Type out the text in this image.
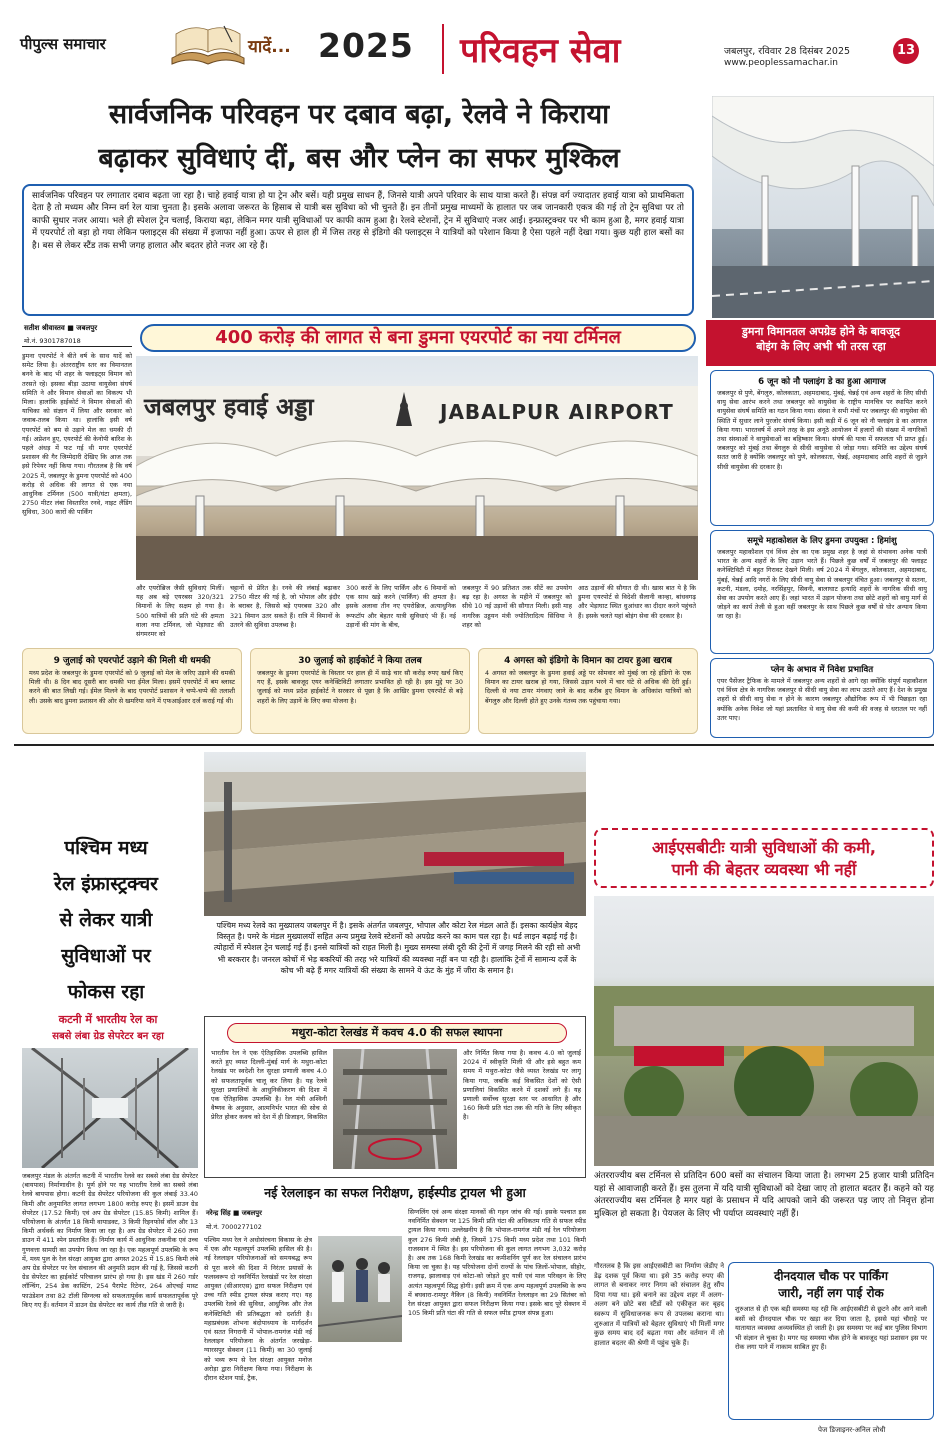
पीपुल्स समाचार	यादें... 2025 परिवहन सेवा	जबलपुर, रविवार 28 दिसंबर 2025
www.peoplessamachar.in
13
सार्वजनिक परिवहन पर दबाव बढ़ा, रेलवे ने किराया
बढ़ाकर सुविधाएं दीं, बस और प्लेन का सफर मुश्किल
सार्वजनिक परिवहन पर लगातार दबाव बढ़ता जा रहा है। चाहे हवाई यात्रा हो या ट्रेन और बसें। यही प्रमुख साधन हैं, जिनसे यात्री अपने परिवार के साथ यात्रा करते हैं। संपन्न वर्ग ज्यादातर हवाई यात्रा को प्राथमिकता देता है तो मध्यम और निम्न वर्ग रेल यात्रा चुनता है। इसके अलावा जरूरत के हिसाब से यात्री बस सुविधा को भी चुनते हैं। इन तीनों प्रमुख माध्यमों के हालात पर जब जानकारी एकत्र की गई तो ट्रेन सुविधा पर तो काफी सुधार नजर आया। भले ही स्पेशल ट्रेन चलाईं, किराया बढ़ा, लेकिन मगर यात्री सुविधाओं पर काफी काम हुआ है। रेलवे स्टेशनों, ट्रेन में सुविधाएं नजर आईं। इन्फ्रास्ट्रक्चर पर भी काम हुआ है, मगर हवाई यात्रा में एयरपोर्ट तो बड़ा हो गया लेकिन फ्लाइट्स की संख्या में इजाफा नहीं हुआ। ऊपर से हाल ही में जिस तरह से इंडिगो की फ्लाइट्स ने यात्रियों को परेशान किया है ऐसा पहले नहीं देखा गया। कुछ यही हाल बसों का है। बस से लेकर स्टैंड तक सभी जगह हालात और बदतर होते नजर आ रहे हैं।
सतीश श्रीवास्तव ■ जबलपुर
मो.नं. 9301787018
डुमना एयरपोर्ट ने बीते वर्ष के साथ यादें को समेट लिया है। अंतरराष्ट्रीय स्तर का विमानतल बनने के बाद भी शहर के फ्लाइट्स विमान को तरसते रहे। इसका बीड़ा उठाया वायुसेवा संघर्ष समिति ने और विमान सेवाओं का विकल्प भी मिला। हालांकि हाईकोर्ट ने विमान सेवाओं की याचिका को संज्ञान में लिया और सरकार को जवाब-तलब किया था। हालांकि इसी वर्ष एयरपोर्ट को बम से उड़ाने मेल का धमकी दी गई। अप्रेशन हुए, एयरपोर्ट की केनोपी बारिश के पहले अंधड़ में फट गई थी मगर एयरपोर्ट प्रशासन की गैर जिम्मेदारी देखिए कि आज तक इसे रिपेयर नहीं किया गया। गौरतलब है कि वर्ष 2025 में, जबलपुर के डुमना एयरपोर्ट को 400 करोड़ से अधिक की लागत से एक नया आधुनिक टर्मिनल (500 यात्री/घंटा क्षमता), 2750 मीटर लंबा विस्तारित रनवे, नाइट लैंडिंग सुविधा, 300 कारों की पार्किंग
400 करोड़ की लागत से बना डुमना एयरपोर्ट का नया टर्मिनल
जबलपुर हवाई अड्डा	JABALPUR AIRPORT
और एयरोब्रिज जैसी सुविधाएं मिलीं। यह अब बड़े एयरबस 320/321 विमानों के लिए सक्षम हो गया है। 500 यात्रियों की प्रति घंटे की क्षमता वाला नया टर्मिनल, जो भेड़ाघाट की संगमरमर को
चट्टानों से प्रेरित है। रनवे की लंबाई बढ़ाकर 2750 मीटर की गई है, जो भोपाल और इंदौर के बराबर है, जिससे बड़े एयरबस 320 और 321 विमान उतर सकते हैं। रात्रि में विमानों के उतरने की सुविधा उपलब्ध है।
300 कारों के लिए पार्किंग और 6 विमानों को एक साथ खड़े करने (पार्किंग) की क्षमता है। इसके अलावा तीन नए एयरोब्रिज, अत्याधुनिक रूफटॉप और बेहतर यात्री सुविधाएं भी हैं। नई उड़ानों की मांग के बीच,
जबलपुर में 90 प्रतिशत तक सीटें का उपयोग बढ़ रहा है। अगस्त के महीने में जबलपुर को सीधे 10 नई उड़ानों की सौगात मिली। इसी माह नागरिक उड्डयन मंत्री ज्योतिरादित्य सिंधिया ने शहर को
आठ उड़ानों की सौगात दी थी। खास बात ये है कि डुमना एयरपोर्ट से विदेशी सैलानी कान्हा, बांधवगढ़ और भेड़ाघाट स्थित धुआंधार का दीदार करने पहुंचते हैं। इसके चलते यहां बोइंग सेवा की दरकार है।
9 जुलाई को एयरपोर्ट उड़ाने की मिली थी धमकी
मध्य प्रदेश के जबलपुर के डुमना एयरपोर्ट को 9 जुलाई को मेल के जरिए उड़ाने की धमकी मिली थी। 8 दिन बाद दूसरी बार धमकी भरा ईमेल मिला। इसमें एयरपोर्ट में बम ब्लास्ट करने की बात लिखी गई। ईमेल मिलने के बाद एयरपोर्ट प्रशासन ने चप्पे-चप्पे की तलाशी ली। उसके बाद डुमना प्रशासन की ओर से खमरिया थाने में एफआईआर दर्ज कराई गई थी।
30 जुलाई को हाईकोर्ट ने किया तलब
जबलपुर के डुमना एयरपोर्ट के विस्तार पर हाल ही में साढ़े चार सौ करोड़ रुपए खर्च किए गए हैं, इसके बावजूद एयर कनेक्टिविटी लगातार प्रभावित हो रही है। इस मुद्दे पर 30 जुलाई को मध्य प्रदेश हाईकोर्ट ने सरकार से पूछा है कि आखिर डुमना एयरपोर्ट से बड़े शहरों के लिए उड़ानें के लिए क्या योजना है।
4 अगस्त को इंडिगो के विमान का टायर हुआ खराब
4 अगस्त को जबलपुर के डुमना हवाई अड्डे पर सोमवार को मुंबई जा रहे इंडिगो के एक विमान का टायर खराब हो गया, जिससे उड़ान भरने में चार घंटे से अधिक की देरी हुई। दिल्ली से नया टायर मंगवाए जाने के बाद करीब हुए विमान के अधिकांश यात्रियों को बेंगलुरु और दिल्ली होते हुए उनके गंतव्य तक पहुंचाया गया।
डुमना विमानतल अपग्रेड होने के बावजूद
बोइंग के लिए अभी भी तरस रहा
6 जून को नौ फ्लाइंग डे का हुआ आगाज
जबलपुर से पुणे, बेंगलुरु, कोलकाता, अहमदाबाद, मुंबई, चेन्नई एवं अन्य शहरों के लिए सीधी वायु सेवा आरंभ करने तथा जबलपुर को वायुसेवा के राष्ट्रीय मानचित्र पर स्थापित करने वायुसेवा संघर्ष समिति का गठन किया गया। संस्था ने सभी मंचों पर जबलपुर की वायुसेवा की स्थिति में सुधार लाने पुरजोर संघर्ष किया। इसी कड़ी में 6 जून को नौ फ्लाइंग डे का आगाज किया गया। भारतवर्ष में अपने तरह के इस अनूठे आयोजन में हजारों की संख्या में नागरिकों तथा संस्थाओं ने वायुसेवाओं का बहिष्कार किया। संघर्ष की यात्रा में सफलता भी प्राप्त हुई। जबलपुर को मुंबई तथा बेंगलुरु से सीधी वायुसेवा से जोड़ा गया। समिति का उद्देश्य संघर्ष सतत जारी है क्योंकि जबलपुर को पुणे, कोलकाता, चेन्नई, अहमदाबाद आदि शहरों से जुड़ने सीधी वायुसेवा की दरकार है।
समूचे महाकोशल के लिए डुमना उपयुक्त : हिमांशु
जबलपुर महाकौशल एवं विंध्य क्षेत्र का एक प्रमुख शहर है जहां से संभावना अनेक यात्री भारत के अन्य शहरों के लिए उड़ान भरते हैं। पिछले कुछ वर्षों में जबलपुर की फ्लाइट कनेक्टिविटी में बहुत गिरावट देखने मिली। वर्ष 2024 में बेंगलुरु, कोलकाता, अहमदाबाद, मुंबई, चेन्नई आदि नगरों के लिए सीधी वायु सेवा से जबलपुर वंचित हुआ। जबलपुर से सतना, कटनी, मंडला, दमोह, नरसिंहपुर, सिवनी, बालाघाट इत्यादि शहरों के नागरिक सीधी वायु सेवा का उपयोग करते आए हैं। जहां भारत में उड़ान योजना तथा छोटे शहरों को वायु मार्ग से जोड़ने का कार्य तेजी से हुआ वहीं जबलपुर के साथ पिछले कुछ वर्षों से घोर अन्याय किया जा रहा है।
प्लेन के अभाव में निवेश प्रभावित
एयर पैसेंजर ट्रैफिक के मामले में जबलपुर अन्य शहरों से आगे रहा क्योंकि संपूर्ण महाकौशल एवं विंध्य क्षेत्र के नागरिक जबलपुर से सीधी वायु सेवा का लाभ उठाते आए हैं। देश के प्रमुख शहरों से सीधी वायु सेवा न होने के कारण जबलपुर औद्योगिक रूप में भी पिछड़ता रहा क्योंकि अनेक निवेश जो यहां प्रस्तावित थे वायु सेवा की कमी की वजह से धरातल पर नहीं उतर पाए।
पश्चिम मध्य
रेल इंफ्रास्ट्रक्चर
से लेकर यात्री
सुविधाओं पर
फोकस रहा
कटनी में भारतीय रेल का
सबसे लंबा ग्रेड सेपरेटर बन रहा
जबलपुर मंडल के अंतर्गत कटनी में भारतीय रेलवे का सबसे लंबा ग्रेड सेपरेटर (बायपास) निर्माणाधीन है। पूर्ण होने पर यह भारतीय रेलवे का सबसे लंबा रेलवे बायपास होगा। कटनी ग्रेड सेपरेटर परियोजना की कुल लंबाई 33.40 किमी और अनुमानित लागत लगभग 1800 करोड़ रुपए है। इसमें डाउन ग्रेड सेपरेटर (17.52 किमी) एवं अप ग्रेड सेपरेटर (15.85 किमी) शामिल हैं। परियोजना के अंतर्गत 18 किमी वायाडक्ट, 3 किमी रिइनफोर्स वॉल और 13 किमी अर्थवर्क का निर्माण किया जा रहा है। अप ग्रेड सेपरेटर में 260 तथा डाउन में 411 स्पेन प्रस्तावित हैं। निर्माण कार्य में आधुनिक तकनीक एवं उच्च गुणवत्ता सामग्री का उपयोग किया जा रहा है। एक महत्वपूर्ण उपलब्धि के रूप में, मध्य पुल के रेल संरक्षा आयुक्त द्वारा अगस्त 2025 में 15.85 किमी लंबे अप ग्रेड सेपरेटर पर रेल संचालन की अनुमति प्रदान की गई है, जिससे कटनी ग्रेड सेपरेटर का हाईकोर्ट परिचालन प्रारंभ हो गया है। इस खंड में 260 गर्डर लॉन्चिंग, 254 डेक कास्टिंग, 254 पैरापेट रिटेनर, 264 ओएचई मास्ट फाउंडेशन तथा 82 टॉली सिग्नल्स को सफलतापूर्वक कार्य सफलतापूर्वक पूरे किए गए हैं। वर्तमान में डाउन ग्रेड सेपरेटर का कार्य तीव्र गति से जारी है।
पश्चिम मध्य रेलवे का मुख्यालय जबलपुर में है। इसके अंतर्गत जबलपुर, भोपाल और कोटा रेल मंडल आते हैं। इसका कार्यक्षेत्र बेहद विस्तृत है। पमरे के मंडल मुख्यालयों सहित अन्य प्रमुख रेलवे स्टेशनों को अपग्रेड करने का काम चल रहा है। थर्ड लाइन बढ़ाई गई है। त्योहारों में स्पेशल ट्रेन चलाई गई हैं। इनसे यात्रियों को राहत मिली है। मुख्य समस्या लंबी दूरी की ट्रेनों में जगह मिलने की रही सो अभी भी बरकरार है। जनरल कोचों में भेड़ बकरियों की तरह भरे यात्रियों की व्यवस्था नहीं बन पा रही है। हालांकि ट्रेनों में सामान्य दर्जे के कोच भी बढ़े हैं मगर यात्रियों की संख्या के सामने ये ऊंट के मुंह में जीरा के समान है।
मथुरा-कोटा रेलखंड में कवच 4.0 की सफल स्थापना
भारतीय रेल ने एक ऐतिहासिक उपलब्धि हासिल करते हुए व्यस्त दिल्ली-मुंबई मार्ग के मथुरा-कोटा रेलखंड पर स्वदेशी रेल सुरक्षा प्रणाली कवच 4.0 को सफलतापूर्वक चालू कर लिया है। यह रेलवे सुरक्षा प्रणालियों के आधुनिकीकरण की दिशा में एक ऐतिहासिक उपलब्धि है। रेल मंत्री अश्विनी वैष्णव के अनुसार, आत्मनिर्भर भारत की सोच से प्रेरित होकर कवच को देश में ही डिजाइन, विकसित
और निर्मित किया गया है। कवच 4.0 को जुलाई 2024 में स्वीकृति मिली थी और इसे बहुत कम समय में मथुरा-कोटा जैसे व्यस्त रेलखंड पर लागू किया गया, जबकि कई विकसित देशों को ऐसी प्रणालियां विकसित करने में दशकों लगे हैं। यह प्रणाली सर्वोच्च सुरक्षा स्तर पर आधारित है और 160 किमी प्रति घंटा तक की गति के लिए स्वीकृत है।
नई रेललाइन का सफल निरीक्षण, हाईस्पीड ट्रायल भी हुआ
नरेन्द्र सिंह ■ जबलपुर
मो.नं. 7000277102
पश्चिम मध्य रेल ने अधोसंरचना विकास के क्षेत्र में एक और महत्वपूर्ण उपलब्धि हासिल की है। नई रेललाइन परियोजनाओं को समयबद्ध रूप से पूरा करने की दिशा में निरंतर प्रयासों के फलस्वरूप दो नवनिर्मित रेलखंडों पर रेल संरक्षा आयुक्त (सीआरएस) द्वारा सफल निरीक्षण एवं उच्च गति स्पीड ट्रायल संपन्न कराए गए। यह उपलब्धि रेलवे की सुविधा, आधुनिक और तेज कनेक्टिविटी की प्रतिबद्धता को दर्शाती है। महाप्रबंधक शोभना बंदोपाध्याय के मार्गदर्शन एवं सतत निगरानी में भोपाल-रामगंज मंडी नई रेललाइन परियोजना के अंतर्गत जरखेड़ा-ग्यारसपुर सेक्शन (11 किमी) का 30 जुलाई को भव्य रूप से रेल संरक्षा आयुक्त मनोज अरोड़ा द्वारा निरीक्षण किया गया। निरीक्षण के दौरान स्टेशन यार्ड, ट्रैक,
सिग्नलिंग एवं अन्य संरक्षा मानकों की गहन जांच की गई। इसके पश्चात इस नवनिर्मित सेक्शन पर 125 किमी प्रति घंटा की अधिकतम गति से सफल स्पीड ट्रायल किया गया। उल्लेखनीय है कि भोपाल-रामगंज मंडी नई रेल परियोजना कुल 276 किमी लंबी है, जिसमें 175 किमी मध्य प्रदेश तथा 101 किमी राजस्थान में स्थित है। इस परियोजना की कुल लागत लगभग 3,032 करोड़ है। अब तक 168 किमी रेलखंड का कमीशनिंग पूर्ण कर रेल संचालन प्रारंभ किया जा चुका है। यह परियोजना दोनों राज्यों के पांच जिलों-भोपाल, सीहोर, राजगढ़, झालावाड़ एवं कोटा-को जोड़ते हुए यात्री एवं माल परिवहन के लिए अत्यंत महत्वपूर्ण सिद्ध होगी। इसी क्रम में एक अन्य महत्वपूर्ण उपलब्धि के रूप में बघवारा-रामपुर नैकिन (8 किमी) नवनिर्मित रेललाइन का 29 सितंबर को रेल संरक्षा आयुक्त द्वारा सफल निरीक्षण किया गया। इसके बाद पूरे सेक्शन में 105 किमी प्रति घंटा की गति से सफल स्पीड ट्रायल संपन्न हुआ।
आईएसबीटीः यात्री सुविधाओं की कमी,
पानी की बेहतर व्यवस्था भी नहीं
अंतरराज्यीय बस टर्मिनल से प्रतिदिन 600 बसों का संचालन किया जाता है। लगभग 25 हजार यात्री प्रतिदिन यहां से आवाजाही करते हैं। इस तुलना में यदि यात्री सुविधाओं को देखा जाए तो हालात बदतर हैं। कहने को यह अंतरराज्यीय बस टर्मिनल है मगर यहां के प्रसाधन में यदि आपको जाने की जरूरत पड़ जाए तो निवृत्त होना मुश्किल हो सकता है। पेयजल के लिए भी पर्याप्त व्यवस्थाएं नहीं हैं।
गौरतलब है कि इस आईएसबीटी का निर्माण जेडीए ने डेढ़ दशक पूर्व किया था। इसे 35 करोड़ रुपए की लागत से बनाकर नगर निगम को संचालन हेतु सौंप दिया गया था। इसे बनाने का उद्देश्य शहर में अलग-अलग बने छोटे बस स्टैंडों को एकीकृत कर बृहद स्वरूप में सुविधाजनक रूप से उपलब्ध कराना था। शुरुआत में यात्रियों को बेहतर सुविधाएं भी मिलीं मगर कुछ समय बाद दर्द बढ़ता गया और वर्तमान में तो हालात बदतर की श्रेणी में पहुंच चुके हैं।
दीनदयाल चौक पर पार्किंग
जारी, नहीं लग पाई रोक
शुरुआत से ही एक बड़ी समस्या यह रही कि आईएसबीटी से छूटने और आने वाली बसों को दीनदयाल चौक पर खड़ा कर दिया जाता है, इससे यहां चौराहे पर यातायात व्यवस्था अव्यवस्थित हो जाती है। इस समस्या पर कई बार पुलिस विभाग भी संज्ञान ले चुका है। मगर यह समस्या चौक होने के बावजूद यहां प्रशासन इस पर रोक लगा पाने में नाकाम साबित हुए हैं।
पेज डिजाइनर-अनिल लोधी
